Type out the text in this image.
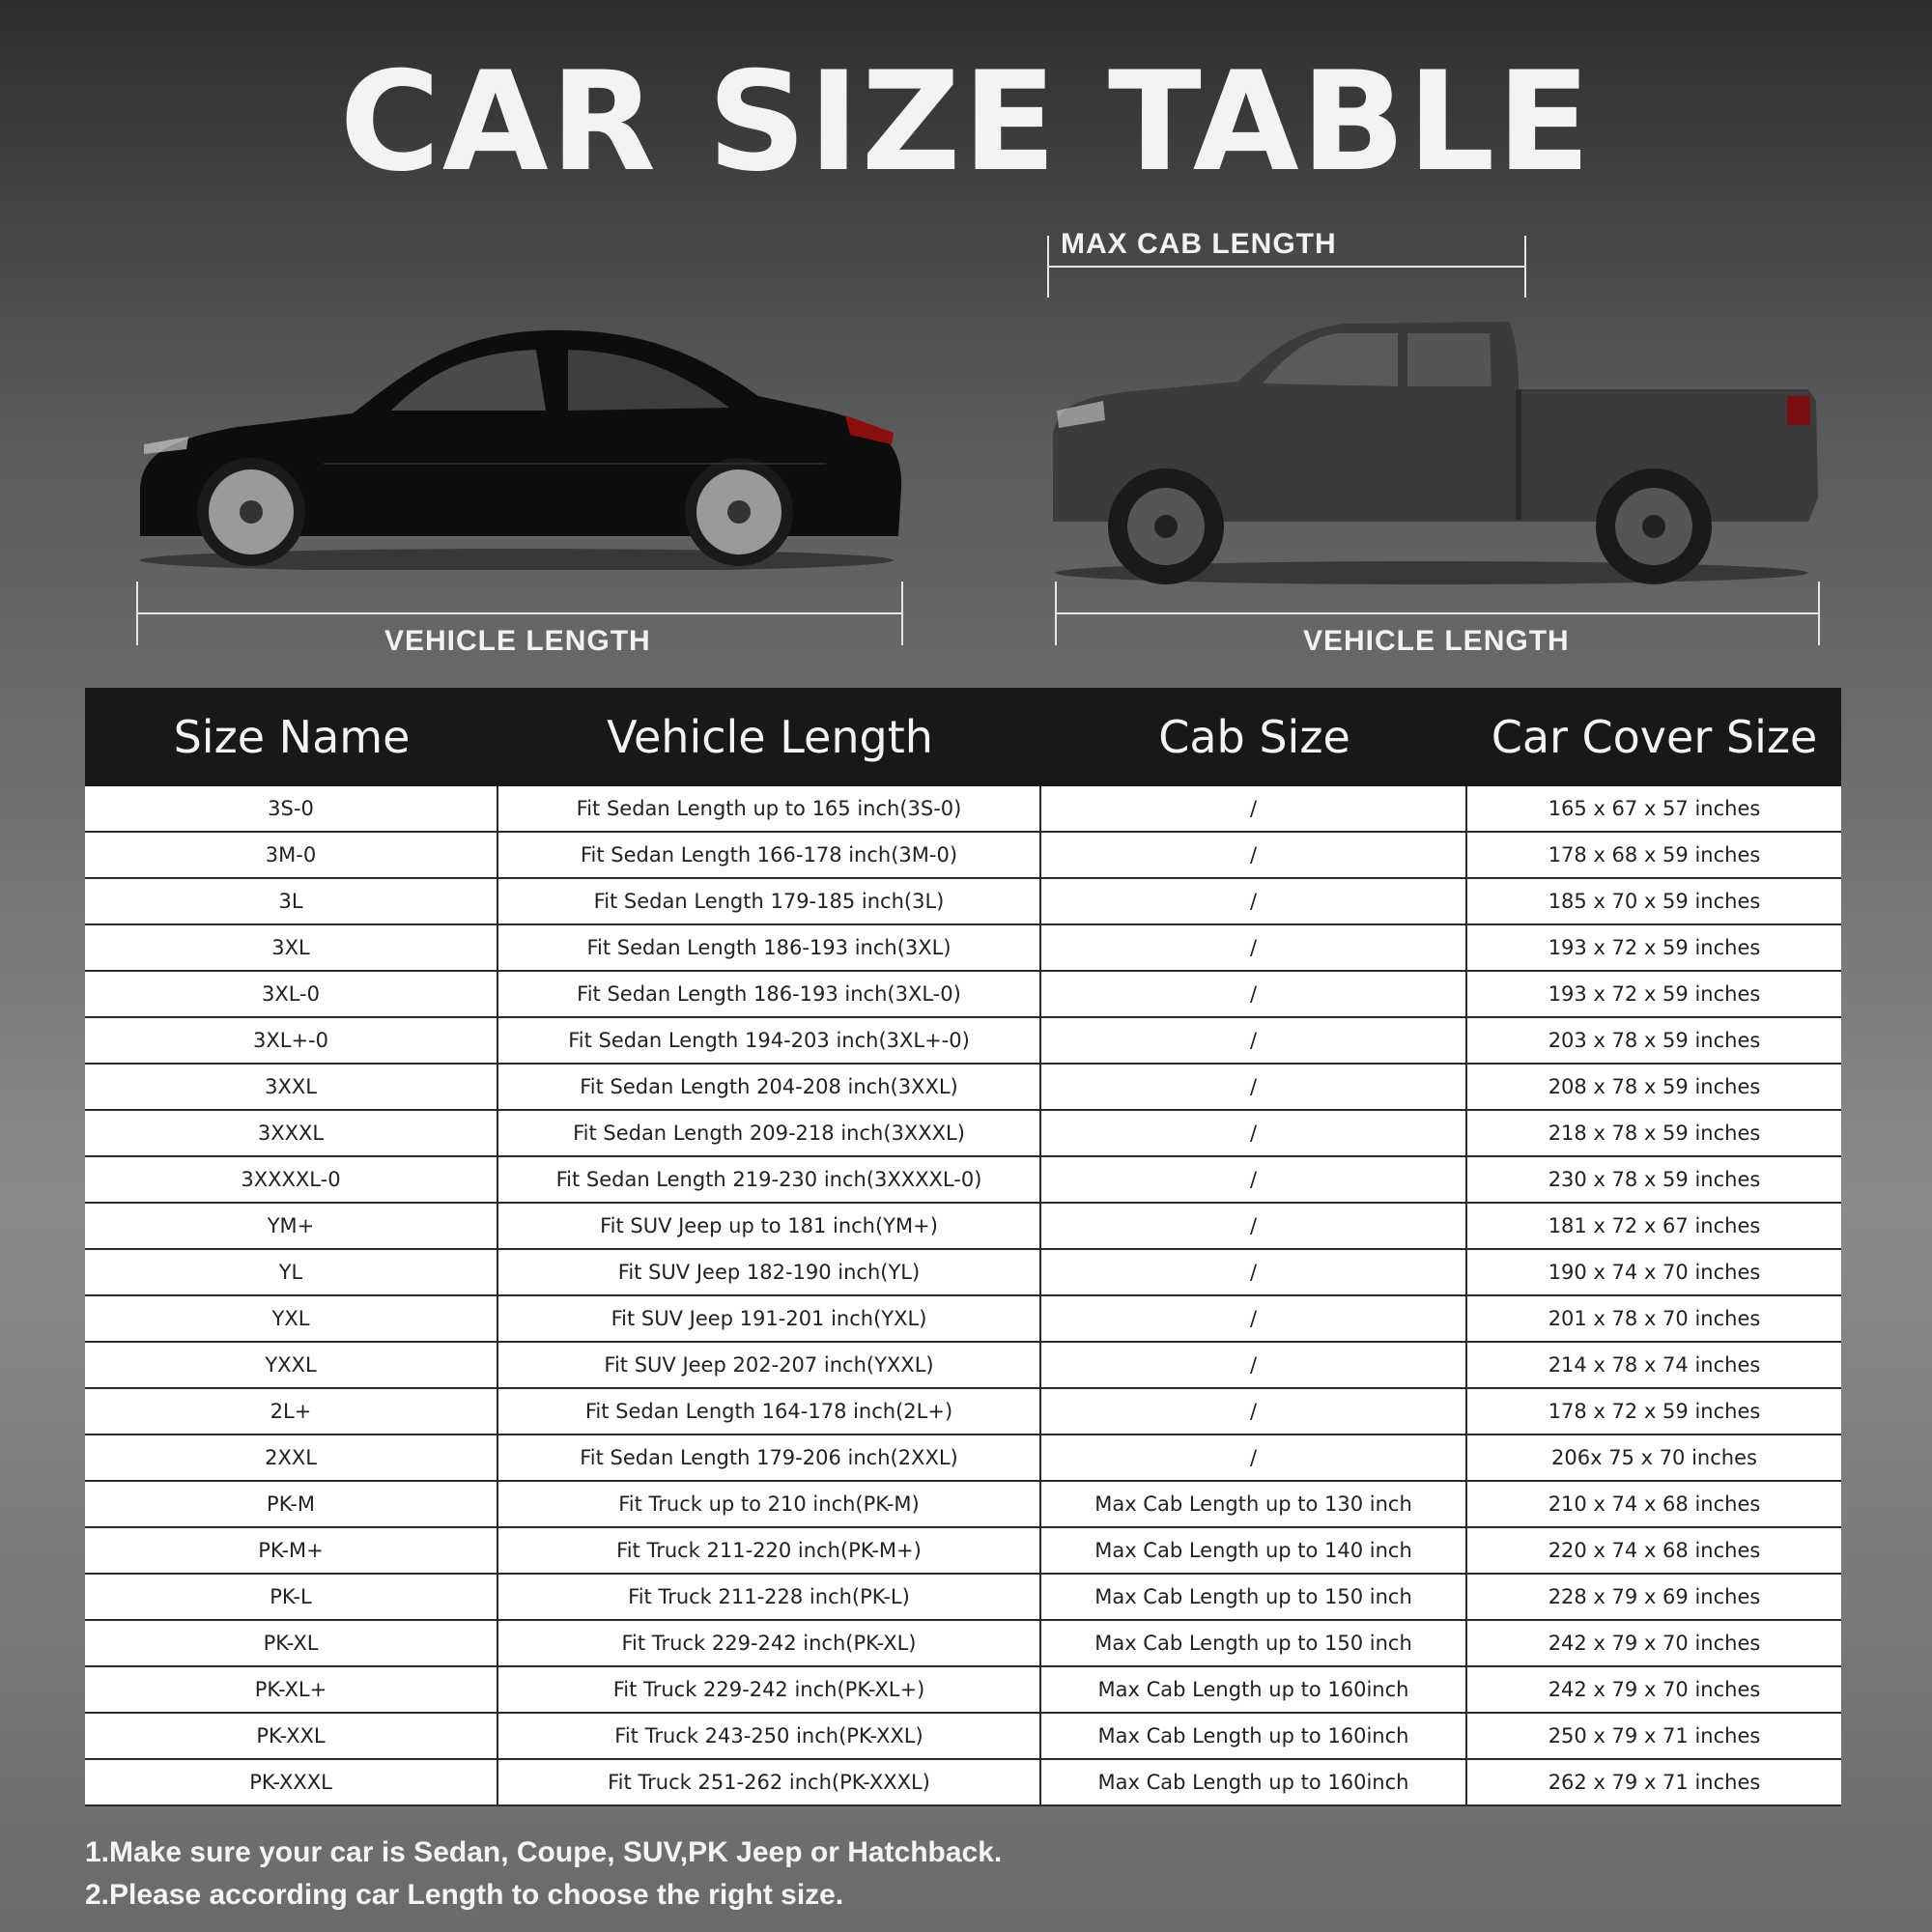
CAR SIZE TABLE
MAX CAB LENGTH
VEHICLE LENGTH	VEHICLE LENGTH
Size Name	Vehicle Length	Cab Size	Car Cover Size
3S-0	Fit Sedan Length up to 165 inch(3S-0)	/	165 x 67 x 57 inches
3M-0	Fit Sedan Length 166-178 inch(3M-0)	/	178 x 68 x 59 inches
3L	Fit Sedan Length 179-185 inch(3L)	/	185 x 70 x 59 inches
3XL	Fit Sedan Length 186-193 inch(3XL)	/	193 x 72 x 59 inches
3XL-0	Fit Sedan Length 186-193 inch(3XL-0)	/	193 x 72 x 59 inches
3XL+-0	Fit Sedan Length 194-203 inch(3XL+-0)	/	203 x 78 x 59 inches
3XXL	Fit Sedan Length 204-208 inch(3XXL)	/	208 x 78 x 59 inches
3XXXL	Fit Sedan Length 209-218 inch(3XXXL)	/	218 x 78 x 59 inches
3XXXXL-0	Fit Sedan Length 219-230 inch(3XXXXL-0)	/	230 x 78 x 59 inches
YM+	Fit SUV Jeep up to 181 inch(YM+)	/	181 x 72 x 67 inches
YL	Fit SUV Jeep 182-190 inch(YL)	/	190 x 74 x 70 inches
YXL	Fit SUV Jeep 191-201 inch(YXL)	/	201 x 78 x 70 inches
YXXL	Fit SUV Jeep 202-207 inch(YXXL)	/	214 x 78 x 74 inches
2L+	Fit Sedan Length 164-178 inch(2L+)	/	178 x 72 x 59 inches
2XXL	Fit Sedan Length 179-206 inch(2XXL)	/	206x 75 x 70 inches
PK-M	Fit Truck up to 210 inch(PK-M)	Max Cab Length up to 130 inch	210 x 74 x 68 inches
PK-M+	Fit Truck 211-220 inch(PK-M+)	Max Cab Length up to 140 inch	220 x 74 x 68 inches
PK-L	Fit Truck 211-228 inch(PK-L)	Max Cab Length up to 150 inch	228 x 79 x 69 inches
PK-XL	Fit Truck 229-242 inch(PK-XL)	Max Cab Length up to 150 inch	242 x 79 x 70 inches
PK-XL+	Fit Truck 229-242 inch(PK-XL+)	Max Cab Length up to 160inch	242 x 79 x 70 inches
PK-XXL	Fit Truck 243-250 inch(PK-XXL)	Max Cab Length up to 160inch	250 x 79 x 71 inches
PK-XXXL	Fit Truck 251-262 inch(PK-XXXL)	Max Cab Length up to 160inch	262 x 79 x 71 inches
1.Make sure your car is Sedan, Coupe, SUV,PK Jeep or Hatchback.
2.Please according car Length to choose the right size.
